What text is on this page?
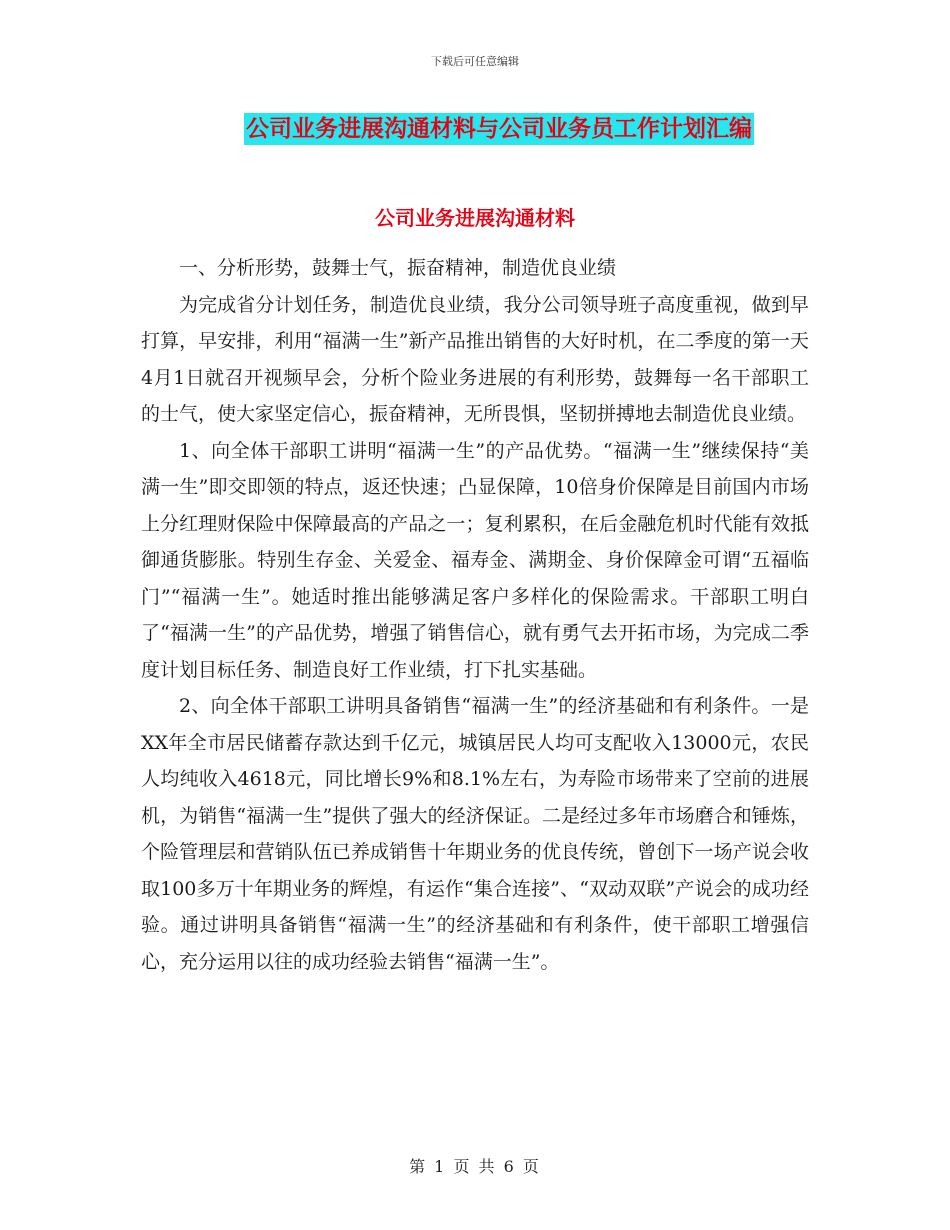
下载后可任意编辑
公司业务进展沟通材料与公司业务员工作计划汇编
公司业务进展沟通材料

一、分析形势，鼓舞士气，振奋精神，制造优良业绩

为完成省分计划任务，制造优良业绩，我分公司领导班子高度重视，做到早打算，早安排，利用“福满一生”新产品推出销售的大好时机，在二季度的第一天4月1日就召开视频早会，分析个险业务进展的有利形势，鼓舞每一名干部职工的士气，使大家坚定信心，振奋精神，无所畏惧，坚韧拼搏地去制造优良业绩。

1、向全体干部职工讲明“福满一生”的产品优势。“福满一生”继续保持“美满一生”即交即领的特点，返还快速；凸显保障，10倍身价保障是目前国内市场上分红理财保险中保障最高的产品之一；复利累积，在后金融危机时代能有效抵御通货膨胀。特别生存金、关爱金、福寿金、满期金、身价保障金可谓“五福临门”“福满一生”。她适时推出能够满足客户多样化的保险需求。干部职工明白了“福满一生”的产品优势，增强了销售信心，就有勇气去开拓市场，为完成二季度计划目标任务、制造良好工作业绩，打下扎实基础。

2、向全体干部职工讲明具备销售“福满一生”的经济基础和有利条件。一是XX年全市居民储蓄存款达到千亿元，城镇居民人均可支配收入13000元，农民人均纯收入4618元，同比增长9%和8.1%左右，为寿险市场带来了空前的进展机，为销售“福满一生”提供了强大的经济保证。二是经过多年市场磨合和锤炼，个险管理层和营销队伍已养成销售十年期业务的优良传统，曾创下一场产说会收取100多万十年期业务的辉煌，有运作“集合连接”、“双动双联”产说会的成功经验。通过讲明具备销售“福满一生”的经济基础和有利条件，使干部职工增强信心，充分运用以往的成功经验去销售“福满一生”。

第 1 页 共 6 页
